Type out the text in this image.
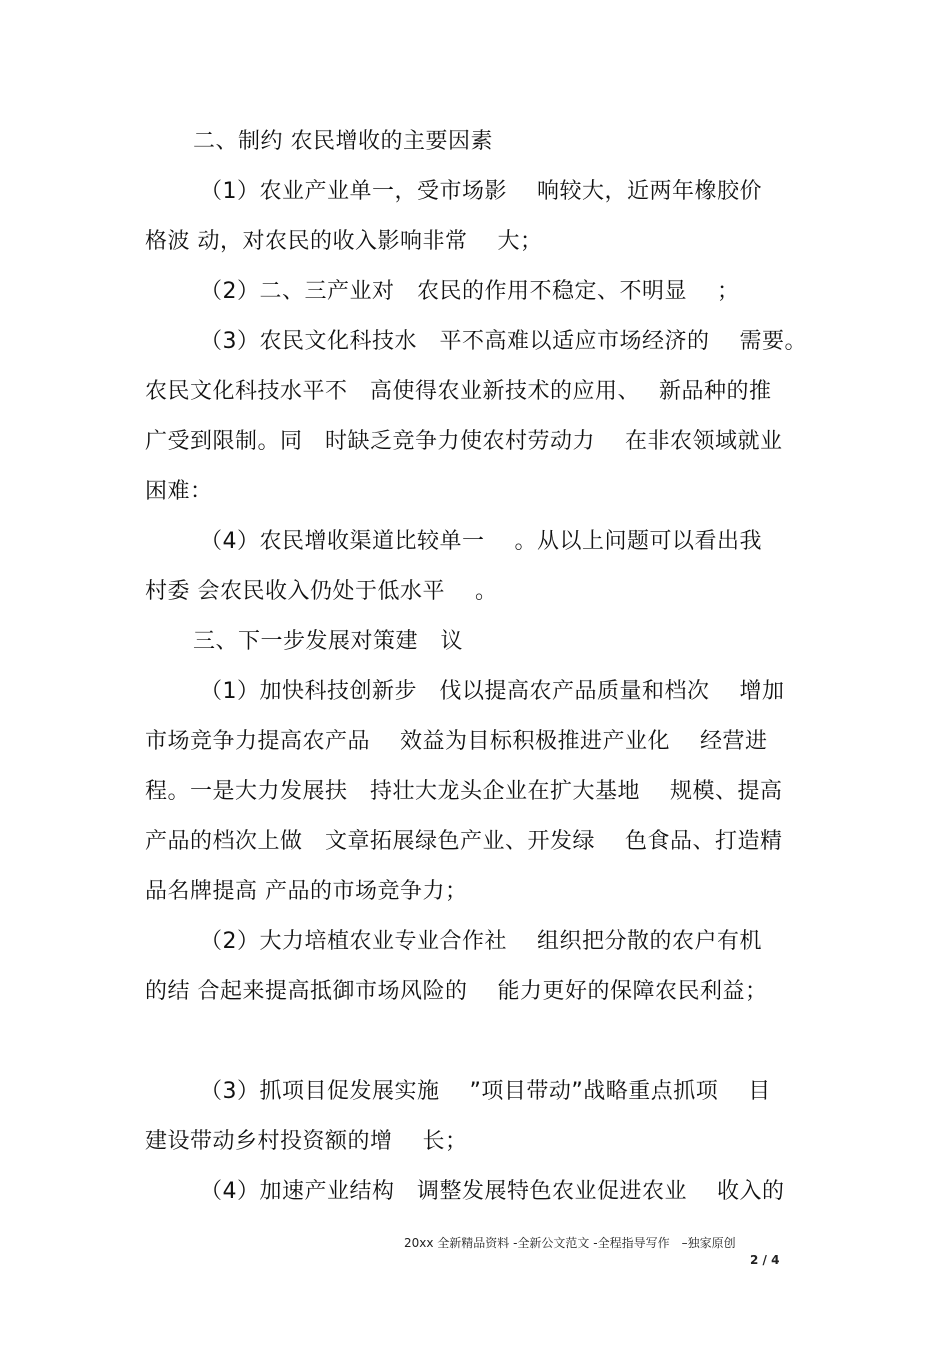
二、制约 农民增收的主要因素
（1）农业产业单一，受市场影　 响较大，近两年橡胶价
格波 动，对农民的收入影响非常　 大；
（2）二、三产业对　农民的作用不稳定、不明显　 ；
（3）农民文化科技水　平不高难以适应市场经济的　 需要。
农民文化科技水平不　高使得农业新技术的应用、　 新品种的推
广受到限制。同　时缺乏竞争力使农村劳动力　 在非农领域就业
困难：
（4）农民增收渠道比较单一　 。从以上问题可以看出我
村委 会农民收入仍处于低水平　 。
三、下一步发展对策建　议
（1）加快科技创新步　伐以提高农产品质量和档次　 增加
市场竞争力提高农产品　 效益为目标积极推进产业化　 经营进
程。一是大力发展扶　持壮大龙头企业在扩大基地　 规模、提高
产品的档次上做　文章拓展绿色产业、开发绿　 色食品、打造精
品名牌提高 产品的市场竞争力；
（2）大力培植农业专业合作社　 组织把分散的农户有机
的结 合起来提高抵御市场风险的　 能力更好的保障农民利益；
（3）抓项目促发展实施　 ”项目带动”战略重点抓项　 目
建设带动乡村投资额的增　 长；
（4）加速产业结构　调整发展特色农业促进农业　 收入的
20xx 全新精品资料 -全新公文范文 -全程指导写作　–独家原创
2 / 4
